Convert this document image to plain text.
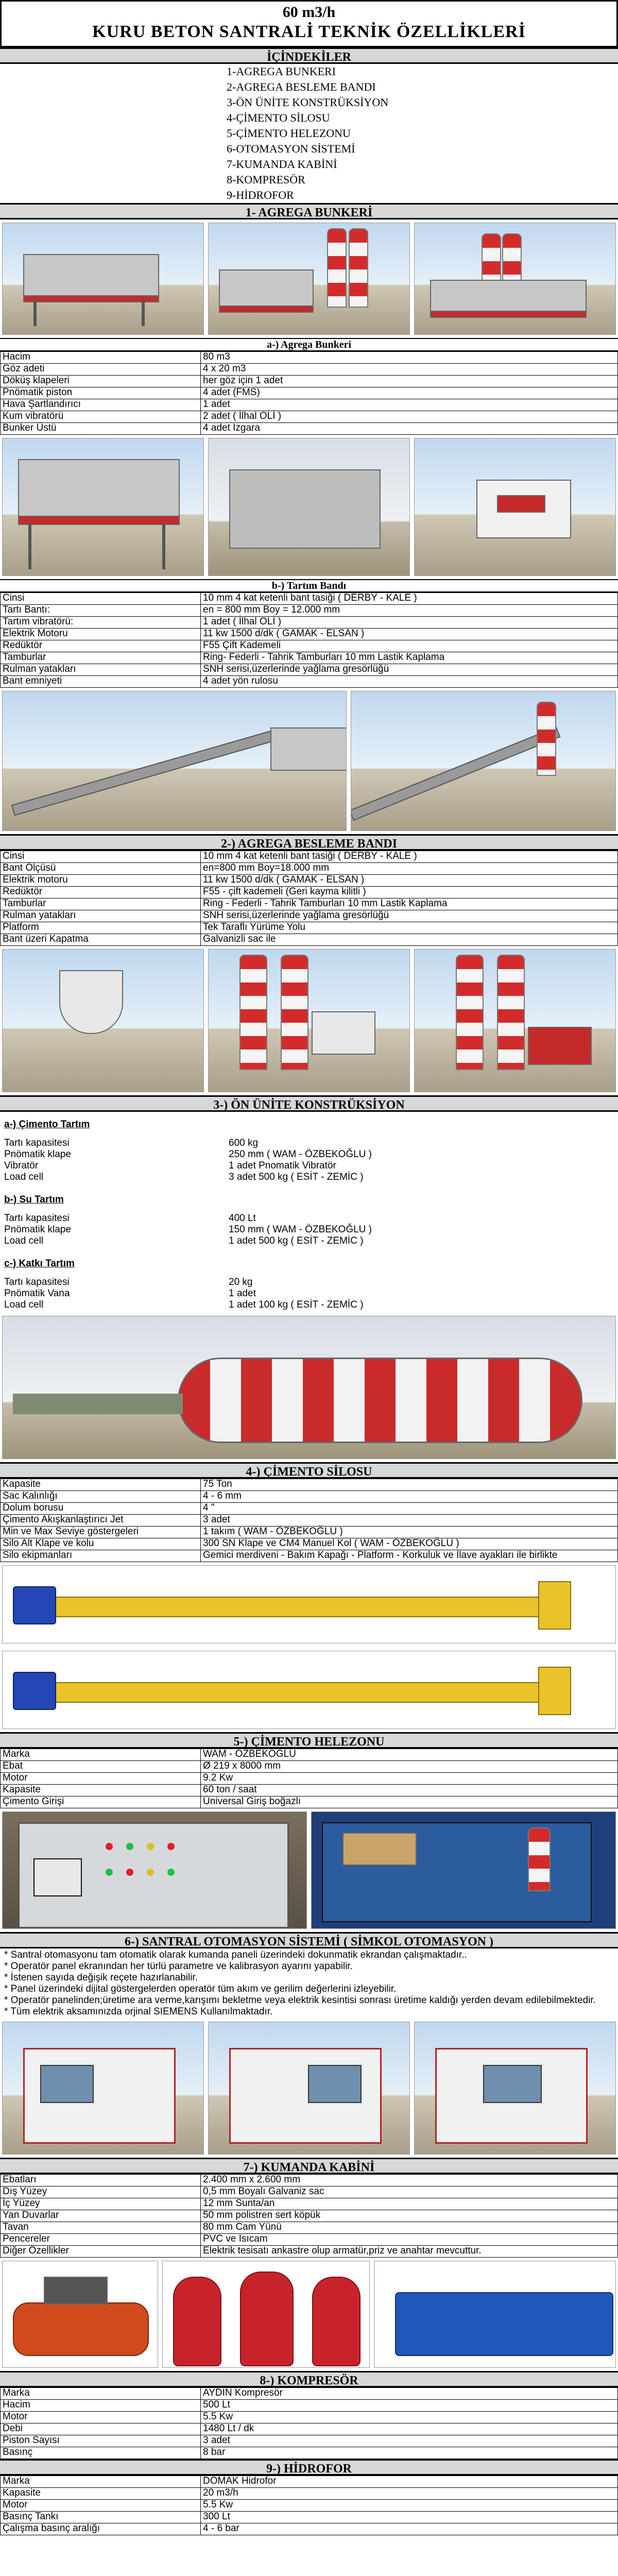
60 m3/h
KURU BETON SANTRALİ TEKNİK ÖZELLİKLERİ
İÇİNDEKİLER
1-AGREGA BUNKERI
2-AGREGA BESLEME BANDI
3-ÖN ÜNİTE KONSTRÜKSİYON
4-ÇİMENTO SİLOSU
5-ÇİMENTO HELEZONU
6-OTOMASYON SİSTEMİ
7-KUMANDA KABİNİ
8-KOMPRESÖR
9-HİDROFOR
1- AGREGA BUNKERİ
a-) Agrega Bunkeri
Hacim	80 m3
Göz adeti	4 x 20 m3
Döküş klapeleri	her göz için 1 adet
Pnömatik piston	4 adet (FMS)
Hava Şartlandırıcı	1 adet
Kum vibratörü	2 adet ( İlhal OLİ )
Bunker Üstü	4 adet Izgara
b-) Tartım Bandı
Cinsi	10 mm 4 kat ketenli bant tasiği ( DERBY - KALE )
Tartı Bantı:	en = 800 mm Boy = 12.000 mm
Tartım vibratörü:	1 adet ( İlhal OLİ )
Elektrik Motoru	11 kw 1500 d/dk ( GAMAK - ELSAN )
Redüktör	F55 Çift Kademeli
Tamburlar	Ring- Federli - Tahrik Tamburları 10 mm Lastik Kaplama
Rulman yatakları	SNH serisi,üzerlerinde yağlama gresörlüğü
Bant emniyeti	4 adet yön rulosu
2-) AGREGA BESLEME BANDI
Cinsi	10 mm 4 kat ketenli bant tasiği ( DERBY - KALE )
Bant Ölçüsü	en=800 mm Boy=18.000 mm
Elektrik motoru	11 kw 1500 d/dk ( GAMAK - ELSAN )
Redüktör	F55 - çift kademeli (Geri kayma kilitli )
Tamburlar	Ring - Federli - Tahrik Tamburları 10 mm Lastik Kaplama
Rulman yatakları	SNH serisi,üzerlerinde yağlama gresörlüğü
Platform	Tek Taraflı Yürüme Yolu
Bant üzeri Kapatma	Galvanizli sac ile
3-) ÖN ÜNİTE KONSTRÜKSİYON
a-) Çimento Tartım
Tartı kapasitesi	600 kg
Pnömatik klape	250 mm ( WAM - ÖZBEKOĞLU )
Vibratör	1 adet Pnomatik Vibratör
Load cell	3 adet 500 kg ( ESİT - ZEMİC )
b-) Su Tartım
Tartı kapasitesi	400 Lt
Pnömatik klape	150 mm ( WAM - ÖZBEKOĞLU )
Load cell	1 adet 500 kg ( ESİT - ZEMİC )
c-) Katkı Tartım
Tartı kapasitesi	20 kg
Pnömatik Vana	1 adet
Load cell	1 adet 100 kg ( ESİT - ZEMİC )
4-) ÇİMENTO SİLOSU
Kapasite	75 Ton
Sac Kalınlığı	4 - 6 mm
Dolum borusu	4 "
Çimento Akışkanlaştırıcı Jet	3 adet
Min ve Max Seviye göstergeleri	1 takım ( WAM - ÖZBEKOĞLU )
Silo Alt Klape ve kolu	300 SN Klape ve CM4 Manuel Kol ( WAM - ÖZBEKOĞLU )
Silo ekipmanları	Gemici merdiveni - Bakım Kapağı - Platform - Korkuluk ve İlave ayakları ile birlikte
5-) ÇİMENTO HELEZONU
Marka	WAM - ÖZBEKOĞLU
Ebat	Ø 219 x 8000 mm
Motor	9.2 Kw
Kapasite	60 ton / saat
Çimento Girişi	Üniversal Giriş boğazlı
6-) SANTRAL OTOMASYON SİSTEMİ ( SİMKOL OTOMASYON )
* Santral otomasyonu tam otomatik olarak kumanda paneli üzerindeki dokunmatik ekrandan çalışmaktadır..
* Operatör panel ekranından her türlü parametre ve kalibrasyon ayarını yapabilir.
* İstenen sayıda değişik reçete hazırlanabilir.
* Panel üzerindeki dijital göstergelerden operatör tüm akım ve gerilim değerlerini izleyebilir.
* Operatör panelinden;üretime ara verme,karışımı bekletme veya elektrik kesintisi sonrası üretime kaldığı yerden devam edilebilmektedir.
* Tüm elektrik aksamınızda orjinal SIEMENS Kullanılmaktadır.
7-) KUMANDA KABİNİ
Ebatları	2.400 mm x 2.600 mm
Dış Yüzey	0,5 mm Boyalı Galvaniz sac
İç Yüzey	12 mm Sunta/an
Yan Duvarlar	50 mm polistren sert köpük
Tavan	80 mm Cam Yünü
Pencereler	PVC ve Isıcam
Diğer Özellikler	Elektrik tesisatı ankastre olup armatür,priz ve anahtar mevcuttur.
8-) KOMPRESÖR
Marka	AYDIN Kompresör
Hacim	500 Lt
Motor	5.5 Kw
Debi	1480 Lt / dk
Piston Sayısı	3 adet
Basınç	8 bar
9-) HİDROFOR
Marka	DOMAK Hidrofor
Kapasite	20 m3/h
Motor	5.5 Kw
Basınç Tankı	300 Lt
Çalışma basınç aralığı	4 - 6 bar
